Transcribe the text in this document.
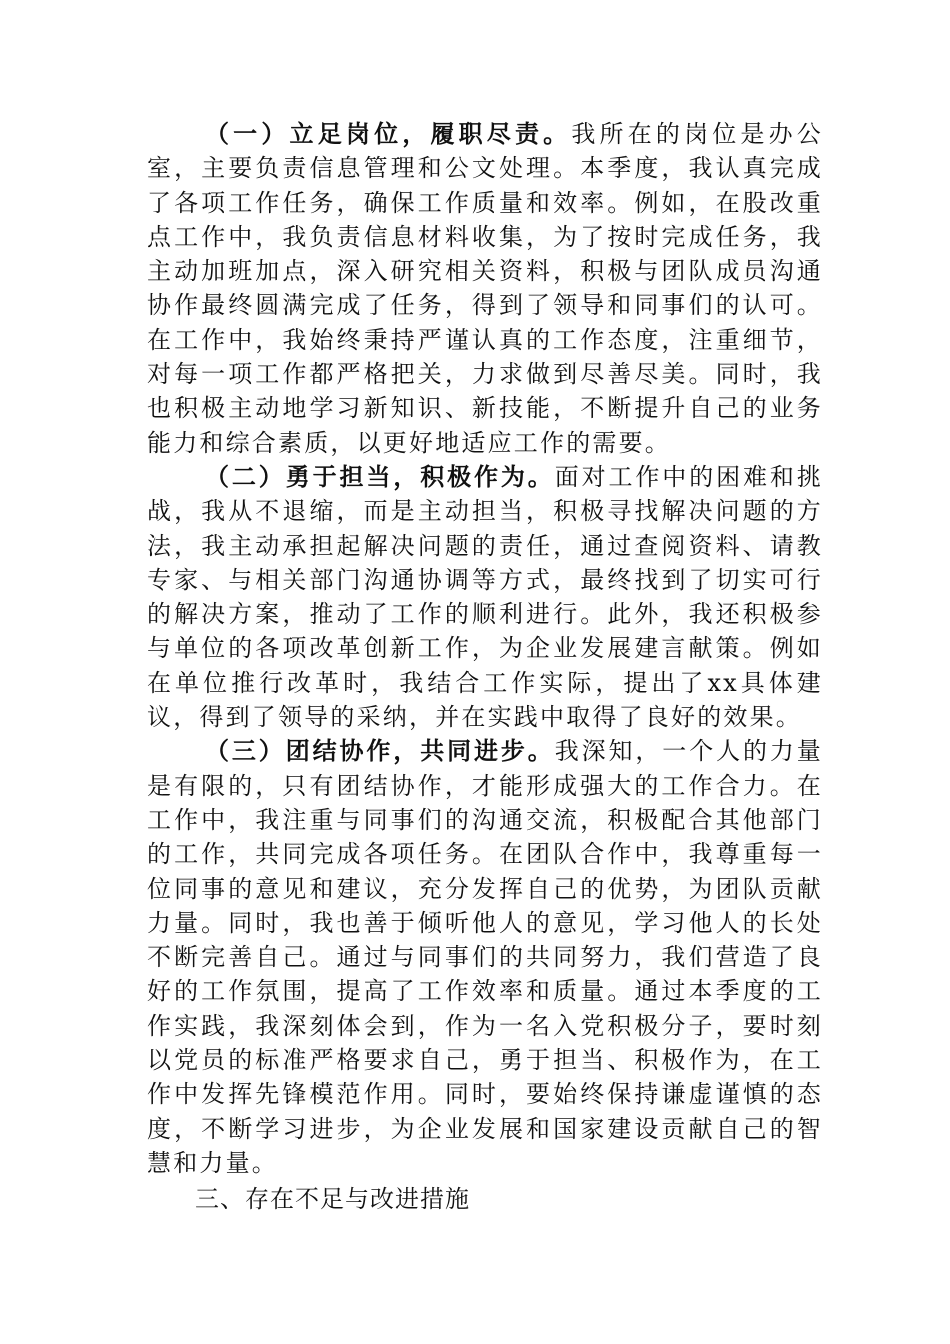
（一）立足岗位，履职尽责。我所在的岗位是办公室，主要负责信息管理和公文处理。本季度，我认真完成了各项工作任务，确保工作质量和效率。例如，在股改重点工作中，我负责信息材料收集，为了按时完成任务，我主动加班加点，深入研究相关资料，积极与团队成员沟通协作最终圆满完成了任务，得到了领导和同事们的认可。在工作中，我始终秉持严谨认真的工作态度，注重细节，对每一项工作都严格把关，力求做到尽善尽美。同时，我也积极主动地学习新知识、新技能，不断提升自己的业务能力和综合素质，以更好地适应工作的需要。

（二）勇于担当，积极作为。面对工作中的困难和挑战，我从不退缩，而是主动担当，积极寻找解决问题的方法，我主动承担起解决问题的责任，通过查阅资料、请教专家、与相关部门沟通协调等方式，最终找到了切实可行的解决方案，推动了工作的顺利进行。此外，我还积极参与单位的各项改革创新工作，为企业发展建言献策。例如在单位推行改革时，我结合工作实际，提出了xx具体建议，得到了领导的采纳，并在实践中取得了良好的效果。

（三）团结协作，共同进步。我深知，一个人的力量是有限的，只有团结协作，才能形成强大的工作合力。在工作中，我注重与同事们的沟通交流，积极配合其他部门的工作，共同完成各项任务。在团队合作中，我尊重每一位同事的意见和建议，充分发挥自己的优势，为团队贡献力量。同时，我也善于倾听他人的意见，学习他人的长处不断完善自己。通过与同事们的共同努力，我们营造了良好的工作氛围，提高了工作效率和质量。通过本季度的工作实践，我深刻体会到，作为一名入党积极分子，要时刻以党员的标准严格要求自己，勇于担当、积极作为，在工作中发挥先锋模范作用。同时，要始终保持谦虚谨慎的态度，不断学习进步，为企业发展和国家建设贡献自己的智慧和力量。

三、存在不足与改进措施
